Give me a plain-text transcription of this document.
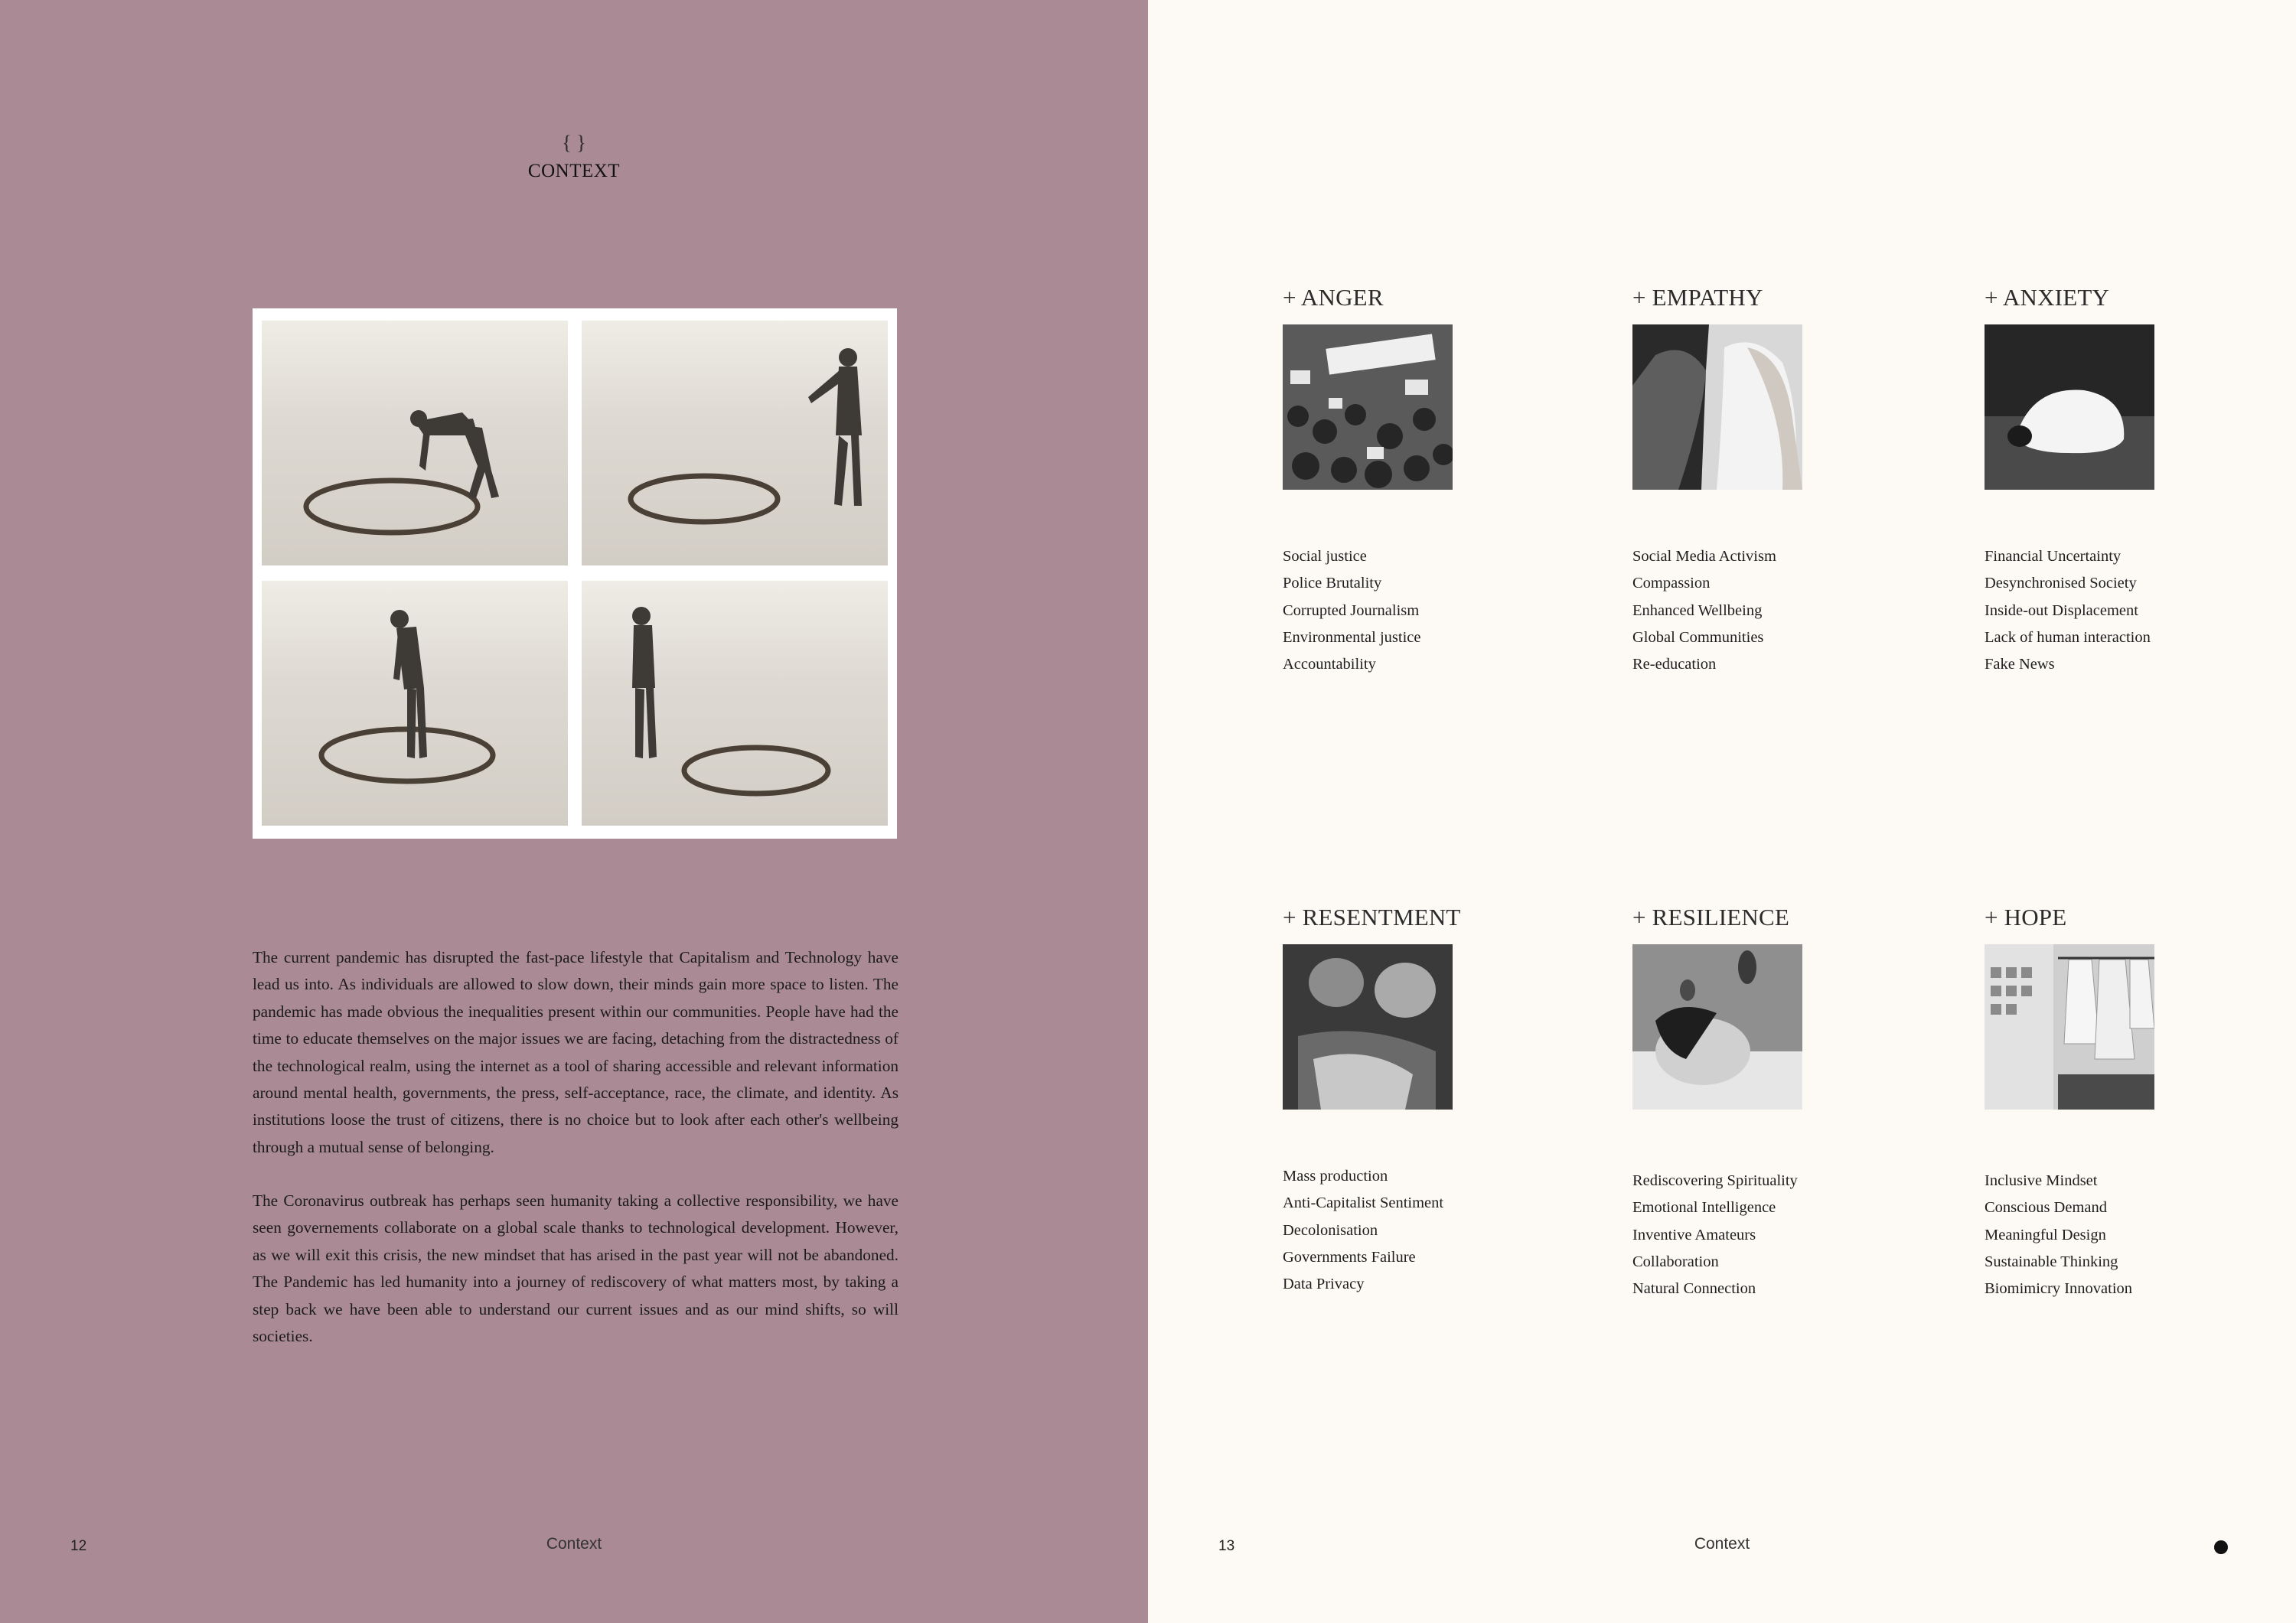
{ }
CONTEXT

The current pandemic has disrupted the fast-pace lifestyle that Capitalism and Technology have lead us into. As individuals are allowed to slow down, their minds gain more space to listen. The pandemic has made obvious the inequalities present within our communities. People have had the time to educate themselves on the major issues we are facing, detaching from the distractedness of the technological realm, using the internet as a tool of sharing accessible and relevant information around mental health, governments, the press, self-acceptance, race, the climate, and identity. As institutions loose the trust of citizens, there is no choice but to look after each other's wellbeing through a mutual sense of belonging.

The Coronavirus outbreak has perhaps seen humanity taking a collective responsibility, we have seen governements collaborate on a global scale thanks to technological development. However, as we will exit this crisis, the new mindset that has arised in the past year will not be abandoned. The Pandemic has led humanity into a journey of rediscovery of what matters most, by taking a step back we have been able to understand our current issues and as our mind shifts, so will societies.

12	Context
+ ANGER	+ EMPATHY	+ ANXIETY
Social justice
Police Brutality
Corrupted Journalism
Environmental justice
Accountability
Social Media Activism
Compassion
Enhanced Wellbeing
Global Communities
Re-education
Financial Uncertainty
Desynchronised Society
Inside-out Displacement
Lack of human interaction
Fake News
+ RESENTMENT	+ RESILIENCE	+ HOPE
Mass production
Anti-Capitalist Sentiment
Decolonisation
Governments Failure
Data Privacy
Rediscovering Spirituality
Emotional Intelligence
Inventive Amateurs
Collaboration
Natural Connection
Inclusive Mindset
Conscious Demand
Meaningful Design
Sustainable Thinking
Biomimicry Innovation
13	Context
